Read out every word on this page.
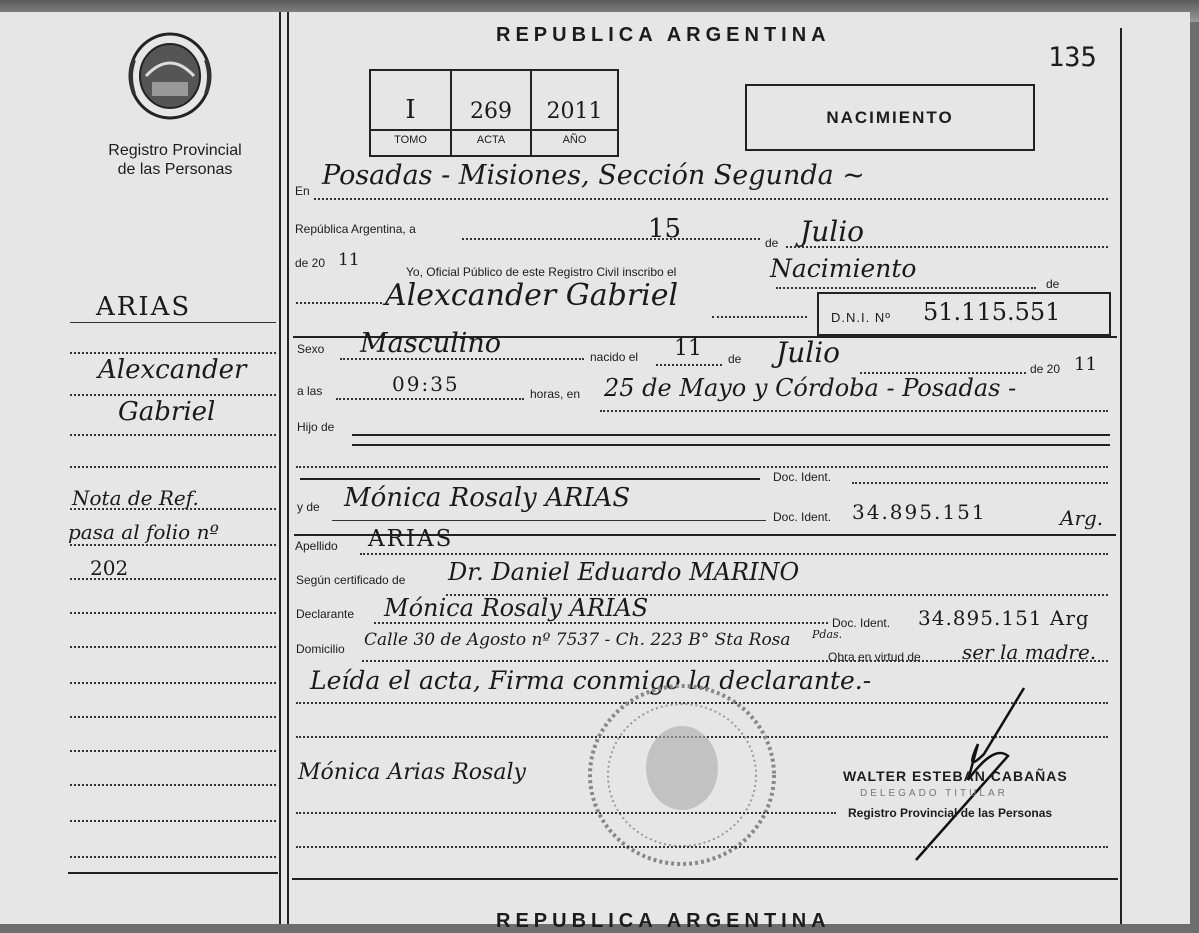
Registro Provincial
de las Personas
ARIAS
Alexcander
Gabriel
Nota de Ref.
pasa al folio nº
202
REPUBLICA ARGENTINA
135
I
TOMO
269
ACTA
2011
AÑO
NACIMIENTO
En Posadas - Misiones, Sección Segunda ~
República Argentina, a	15	de Julio
de 20 11
Yo, Oficial Público de este Registro Civil inscribo el	Nacimiento
de
Alexcander Gabriel
D.N.I. Nº 51.115.551
Sexo Masculino	nacido el 11 de Julio	de 20 11
a las	09:35	horas, en 25 de Mayo y Córdoba - Posadas -
Hijo de
Doc. Ident.
y de Mónica Rosaly ARIAS
Doc. Ident. 34.895.151	Arg.
Apellido ARIAS
Según certificado de Dr. Daniel Eduardo MARINO
Declarante Mónica Rosaly ARIAS
Doc. Ident. 34.895.151 Arg
Domicilio Calle 30 de Agosto nº 7537 - Ch. 223 B° Sta Rosa Pdas.
Obra en virtud de ser la madre.
Leída el acta, Firma conmigo la declarante.-
Mónica Arias Rosaly	WALTER ESTEBAN CABAÑAS
DELEGADO TITULAR
Registro Provincial de las Personas
REPUBLICA ARGENTINA
